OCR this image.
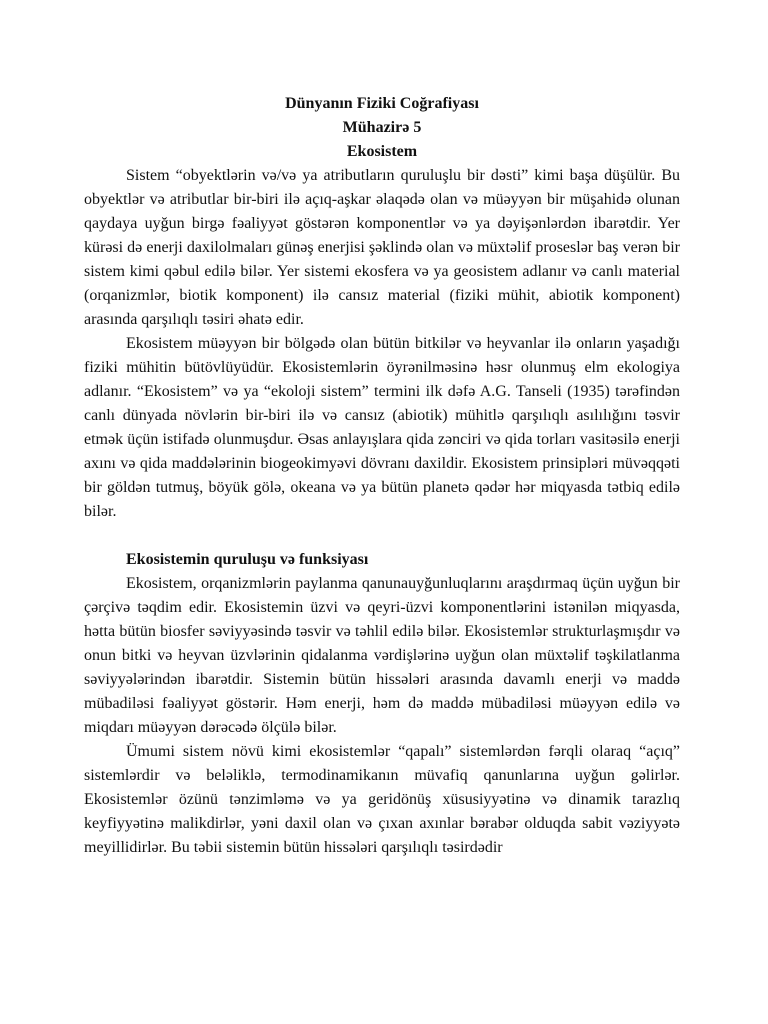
Dünyanın Fiziki Coğrafiyası

Mühazirə 5

Ekosistem

Sistem “obyektlərin və/və ya atributların quruluşlu bir dəsti” kimi başa düşülür. Bu obyektlər və atributlar bir-biri ilə açıq-aşkar əlaqədə olan və müəyyən bir müşahidə olunan qaydaya uyğun birgə fəaliyyət göstərən komponentlər və ya dəyişənlərdən ibarətdir. Yer kürəsi də enerji daxilolmaları günəş enerjisi şəklində olan və müxtəlif proseslər baş verən bir sistem kimi qəbul edilə bilər. Yer sistemi ekosfera və ya geosistem adlanır və canlı material (orqanizmlər, biotik komponent) ilə cansız material (fiziki mühit, abiotik komponent) arasında qarşılıqlı təsiri əhatə edir.

Ekosistem müəyyən bir bölgədə olan bütün bitkilər və heyvanlar ilə onların yaşadığı fiziki mühitin bütövlüyüdür. Ekosistemlərin öyrənilməsinə həsr olunmuş elm ekologiya adlanır. “Ekosistem” və ya “ekoloji sistem” termini ilk dəfə A.G. Tanseli (1935) tərəfindən canlı dünyada növlərin bir-biri ilə və cansız (abiotik) mühitlə qarşılıqlı asılılığını təsvir etmək üçün istifadə olunmuşdur. Əsas anlayışlara qida zənciri və qida torları vasitəsilə enerji axını və qida maddələrinin biogeokimyəvi dövranı daxildir. Ekosistem prinsipləri müvəqqəti bir göldən tutmuş, böyük gölə, okeana və ya bütün planetə qədər hər miqyasda tətbiq edilə bilər.

Ekosistemin quruluşu və funksiyası

Ekosistem, orqanizmlərin paylanma qanunauyğunluqlarını araşdırmaq üçün uyğun bir çərçivə təqdim edir. Ekosistemin üzvi və qeyri-üzvi komponentlərini istənilən miqyasda, hətta bütün biosfer səviyyəsində təsvir və təhlil edilə bilər. Ekosistemlər strukturlaşmışdır və onun bitki və heyvan üzvlərinin qidalanma vərdişlərinə uyğun olan müxtəlif təşkilatlanma səviyyələrindən ibarətdir. Sistemin bütün hissələri arasında davamlı enerji və maddə mübadiləsi fəaliyyət göstərir. Həm enerji, həm də maddə mübadiləsi müəyyən edilə və miqdarı müəyyən dərəcədə ölçülə bilər.

Ümumi sistem növü kimi ekosistemlər “qapalı” sistemlərdən fərqli olaraq “açıq” sistemlərdir və beləliklə, termodinamikanın müvafiq qanunlarına uyğun gəlirlər. Ekosistemlər özünü tənzimləmə və ya geridönüş xüsusiyyətinə və dinamik tarazlıq keyfiyyətinə malikdirlər, yəni daxil olan və çıxan axınlar bərabər olduqda sabit vəziyyətə meyillidirlər. Bu təbii sistemin bütün hissələri qarşılıqlı təsirdədir
